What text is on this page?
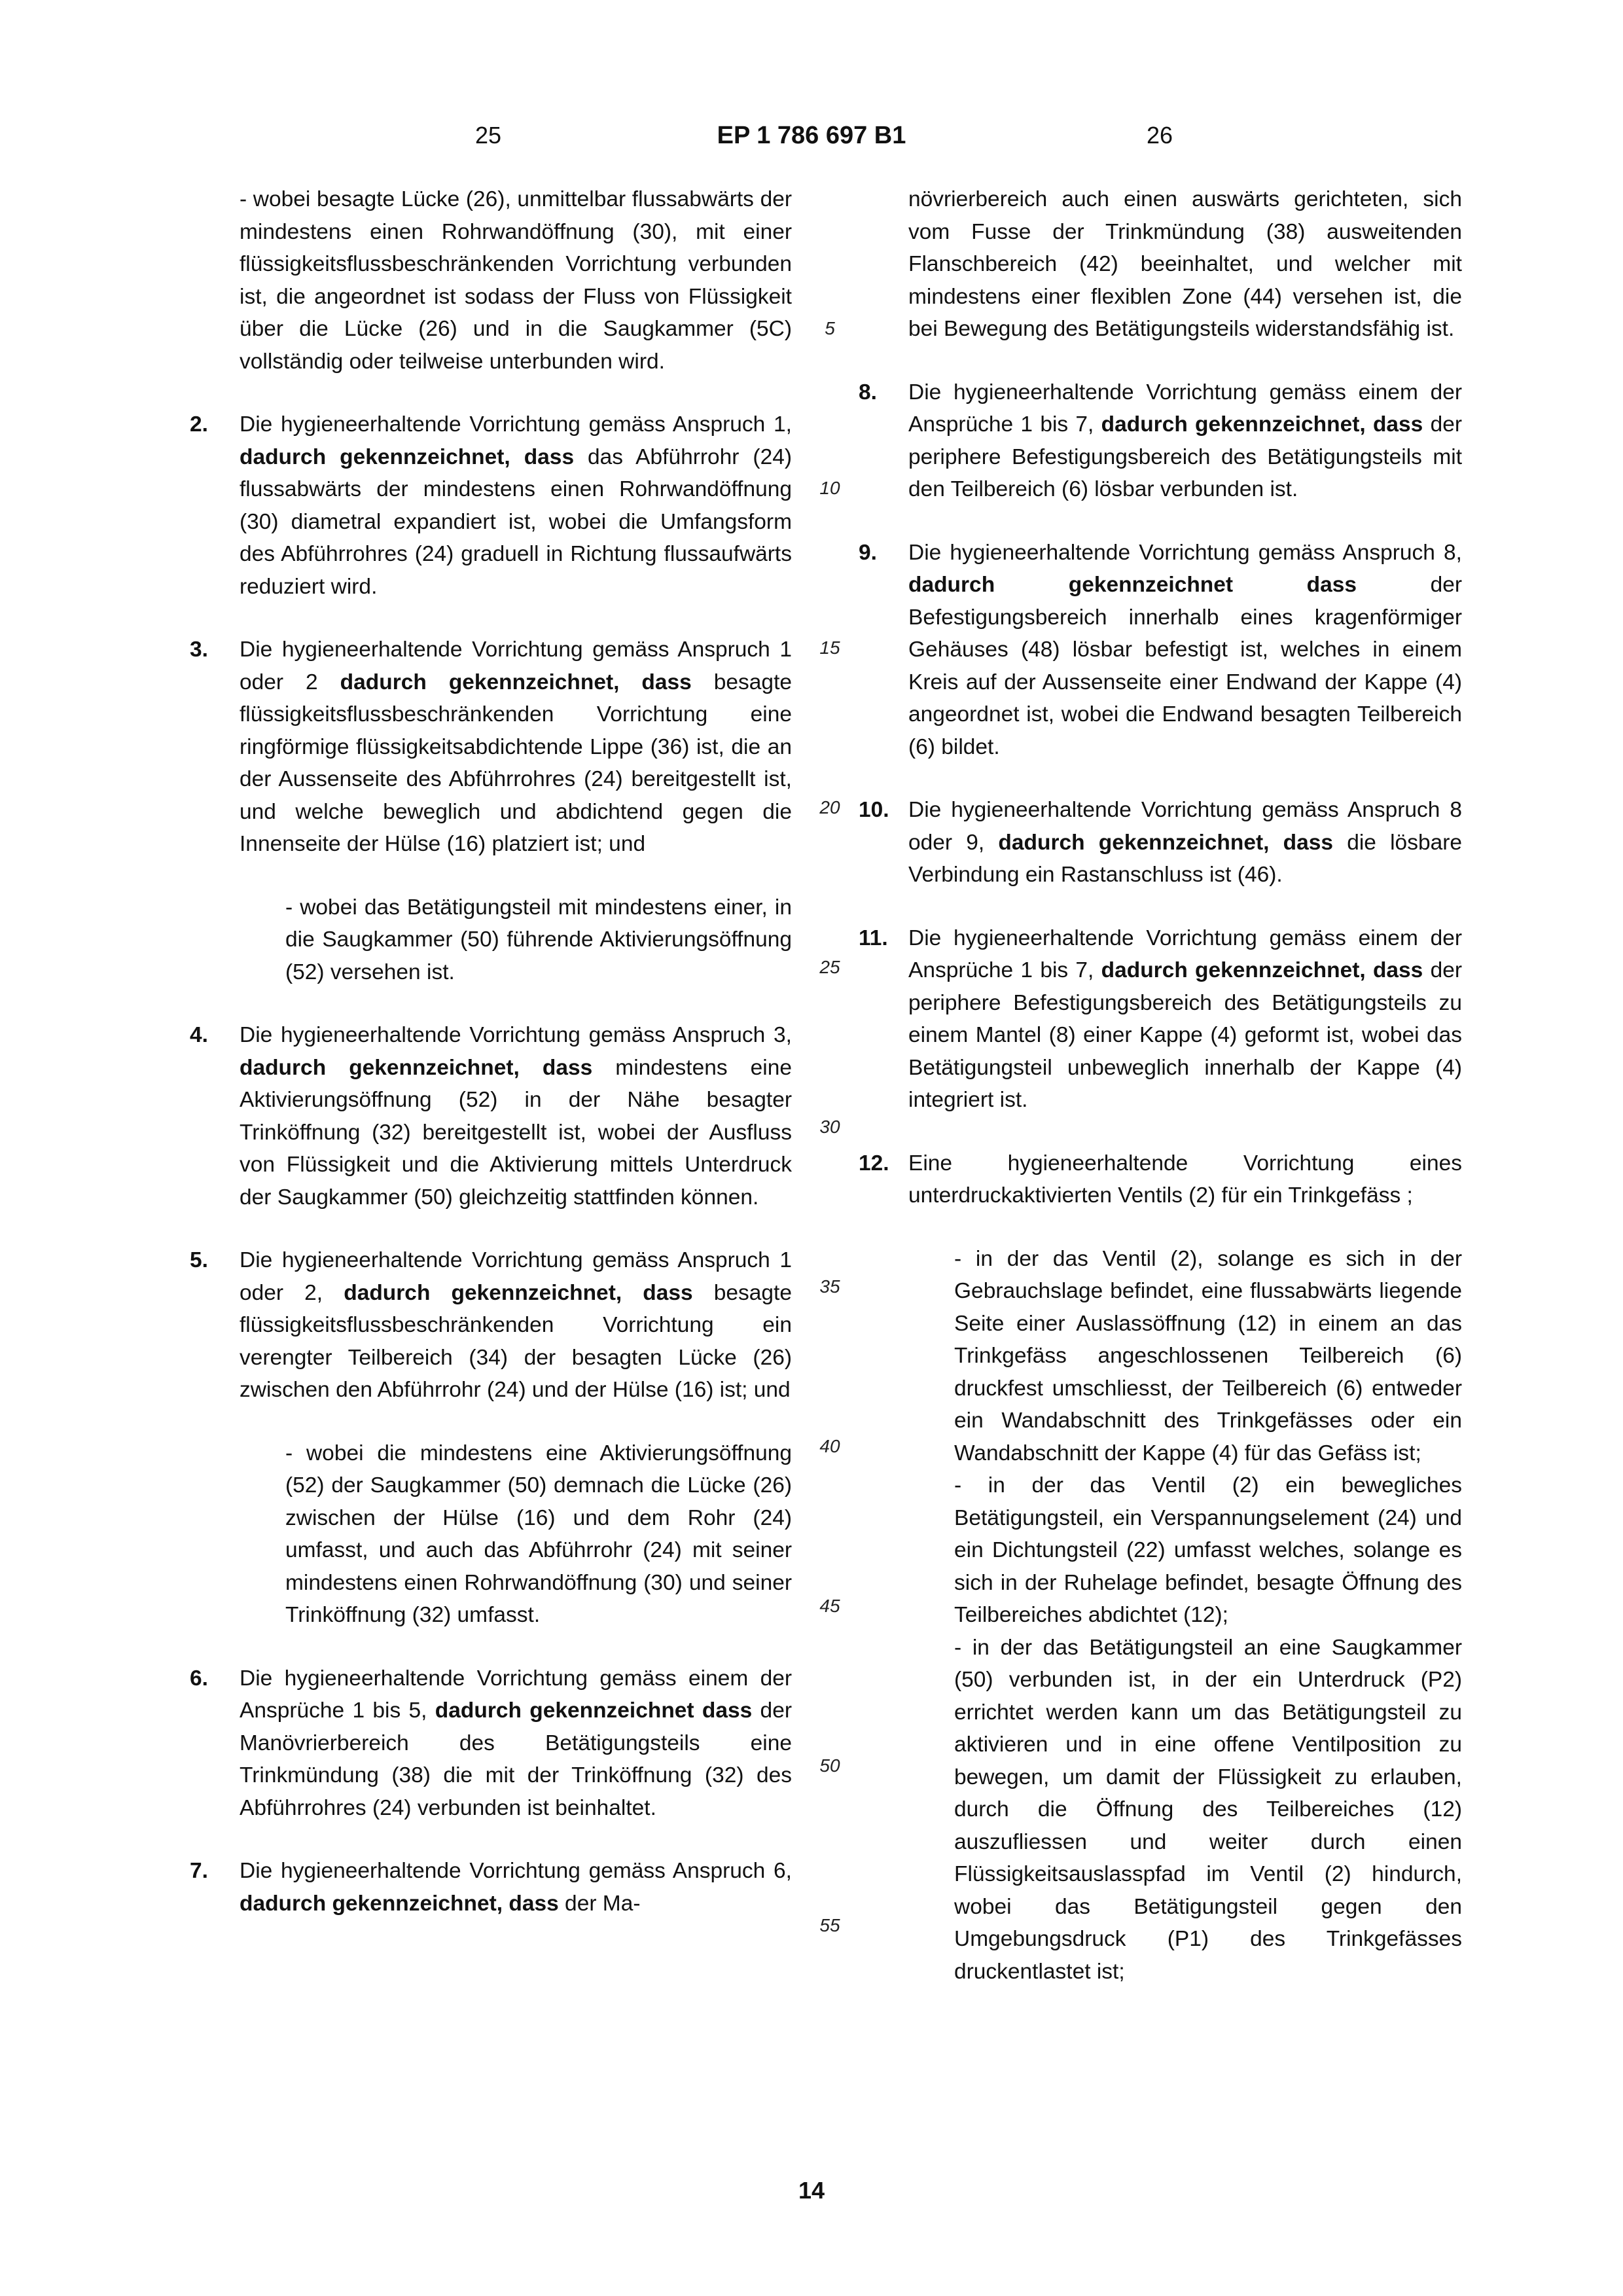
25	EP 1 786 697 B1	26
5
10
15
20
25
30
35
40
45
50
55

- wobei besagte Lücke (26), unmittelbar flussabwärts der mindestens einen Rohrwandöffnung (30), mit einer flüssigkeitsflussbeschränkenden Vorrichtung verbunden ist, die angeordnet ist sodass der Fluss von Flüssigkeit über die Lücke (26) und in die Saugkammer (5C) vollständig oder teilweise unterbunden wird.

2. Die hygieneerhaltende Vorrichtung gemäss Anspruch 1, dadurch gekennzeichnet, dass das Abführrohr (24) flussabwärts der mindestens einen Rohrwandöffnung (30) diametral expandiert ist, wobei die Umfangsform des Abführrohres (24) graduell in Richtung flussaufwärts reduziert wird.
3. Die hygieneerhaltende Vorrichtung gemäss Anspruch 1 oder 2 dadurch gekennzeichnet, dass besagte flüssigkeitsflussbeschränkenden Vorrichtung eine ringförmige flüssigkeitsabdichtende Lippe (36) ist, die an der Aussenseite des Abführrohres (24) bereitgestellt ist, und welche beweglich und abdichtend gegen die Innenseite der Hülse (16) platziert ist; und

- wobei das Betätigungsteil mit mindestens einer, in die Saugkammer (50) führende Aktivierungsöffnung (52) versehen ist.

4. Die hygieneerhaltende Vorrichtung gemäss Anspruch 3, dadurch gekennzeichnet, dass mindestens eine Aktivierungsöffnung (52) in der Nähe besagter Trinköffnung (32) bereitgestellt ist, wobei der Ausfluss von Flüssigkeit und die Aktivierung mittels Unterdruck der Saugkammer (50) gleichzeitig stattfinden können.
5. Die hygieneerhaltende Vorrichtung gemäss Anspruch 1 oder 2, dadurch gekennzeichnet, dass besagte flüssigkeitsflussbeschränkenden Vorrichtung ein verengter Teilbereich (34) der besagten Lücke (26) zwischen den Abführrohr (24) und der Hülse (16) ist; und

- wobei die mindestens eine Aktivierungsöffnung (52) der Saugkammer (50) demnach die Lücke (26) zwischen der Hülse (16) und dem Rohr (24) umfasst, und auch das Abführrohr (24) mit seiner mindestens einen Rohrwandöffnung (30) und seiner Trinköffnung (32) umfasst.

6. Die hygieneerhaltende Vorrichtung gemäss einem der Ansprüche 1 bis 5, dadurch gekennzeichnet dass der Manövrierbereich des Betätigungsteils eine Trinkmündung (38) die mit der Trinköffnung (32) des Abführrohres (24) verbunden ist beinhaltet.
7. Die hygieneerhaltende Vorrichtung gemäss Anspruch 6, dadurch gekennzeichnet, dass der Ma-

növrierbereich auch einen auswärts gerichteten, sich vom Fusse der Trinkmündung (38) ausweitenden Flanschbereich (42) beeinhaltet, und welcher mit mindestens einer flexiblen Zone (44) versehen ist, die bei Bewegung des Betätigungsteils widerstandsfähig ist.

8. Die hygieneerhaltende Vorrichtung gemäss einem der Ansprüche 1 bis 7, dadurch gekennzeichnet, dass der periphere Befestigungsbereich des Betätigungsteils mit den Teilbereich (6) lösbar verbunden ist.
9. Die hygieneerhaltende Vorrichtung gemäss Anspruch 8, dadurch gekennzeichnet dass der Befestigungsbereich innerhalb eines kragenförmiger Gehäuses (48) lösbar befestigt ist, welches in einem Kreis auf der Aussenseite einer Endwand der Kappe (4) angeordnet ist, wobei die Endwand besagten Teilbereich (6) bildet.
10. Die hygieneerhaltende Vorrichtung gemäss Anspruch 8 oder 9, dadurch gekennzeichnet, dass die lösbare Verbindung ein Rastanschluss ist (46).
11. Die hygieneerhaltende Vorrichtung gemäss einem der Ansprüche 1 bis 7, dadurch gekennzeichnet, dass der periphere Befestigungsbereich des Betätigungsteils zu einem Mantel (8) einer Kappe (4) geformt ist, wobei das Betätigungsteil unbeweglich innerhalb der Kappe (4) integriert ist.
12. Eine hygieneerhaltende Vorrichtung eines unterdruckaktivierten Ventils (2) für ein Trinkgefäss ;

- in der das Ventil (2), solange es sich in der Gebrauchslage befindet, eine flussabwärts liegende Seite einer Auslassöffnung (12) in einem an das Trinkgefäss angeschlossenen Teilbereich (6) druckfest umschliesst, der Teilbereich (6) entweder ein Wandabschnitt des Trinkgefässes oder ein Wandabschnitt der Kappe (4) für das Gefäss ist;

- in der das Ventil (2) ein bewegliches Betätigungsteil, ein Verspannungselement (24) und ein Dichtungsteil (22) umfasst welches, solange es sich in der Ruhelage befindet, besagte Öffnung des Teilbereiches abdichtet (12);

- in der das Betätigungsteil an eine Saugkammer (50) verbunden ist, in der ein Unterdruck (P2) errichtet werden kann um das Betätigungsteil zu aktivieren und in eine offene Ventilposition zu bewegen, um damit der Flüssigkeit zu erlauben, durch die Öffnung des Teilbereiches (12) auszufliessen und weiter durch einen Flüssigkeitsauslasspfad im Ventil (2) hindurch, wobei das Betätigungsteil gegen den Umgebungsdruck (P1) des Trinkgefässes druckentlastet ist;

14
